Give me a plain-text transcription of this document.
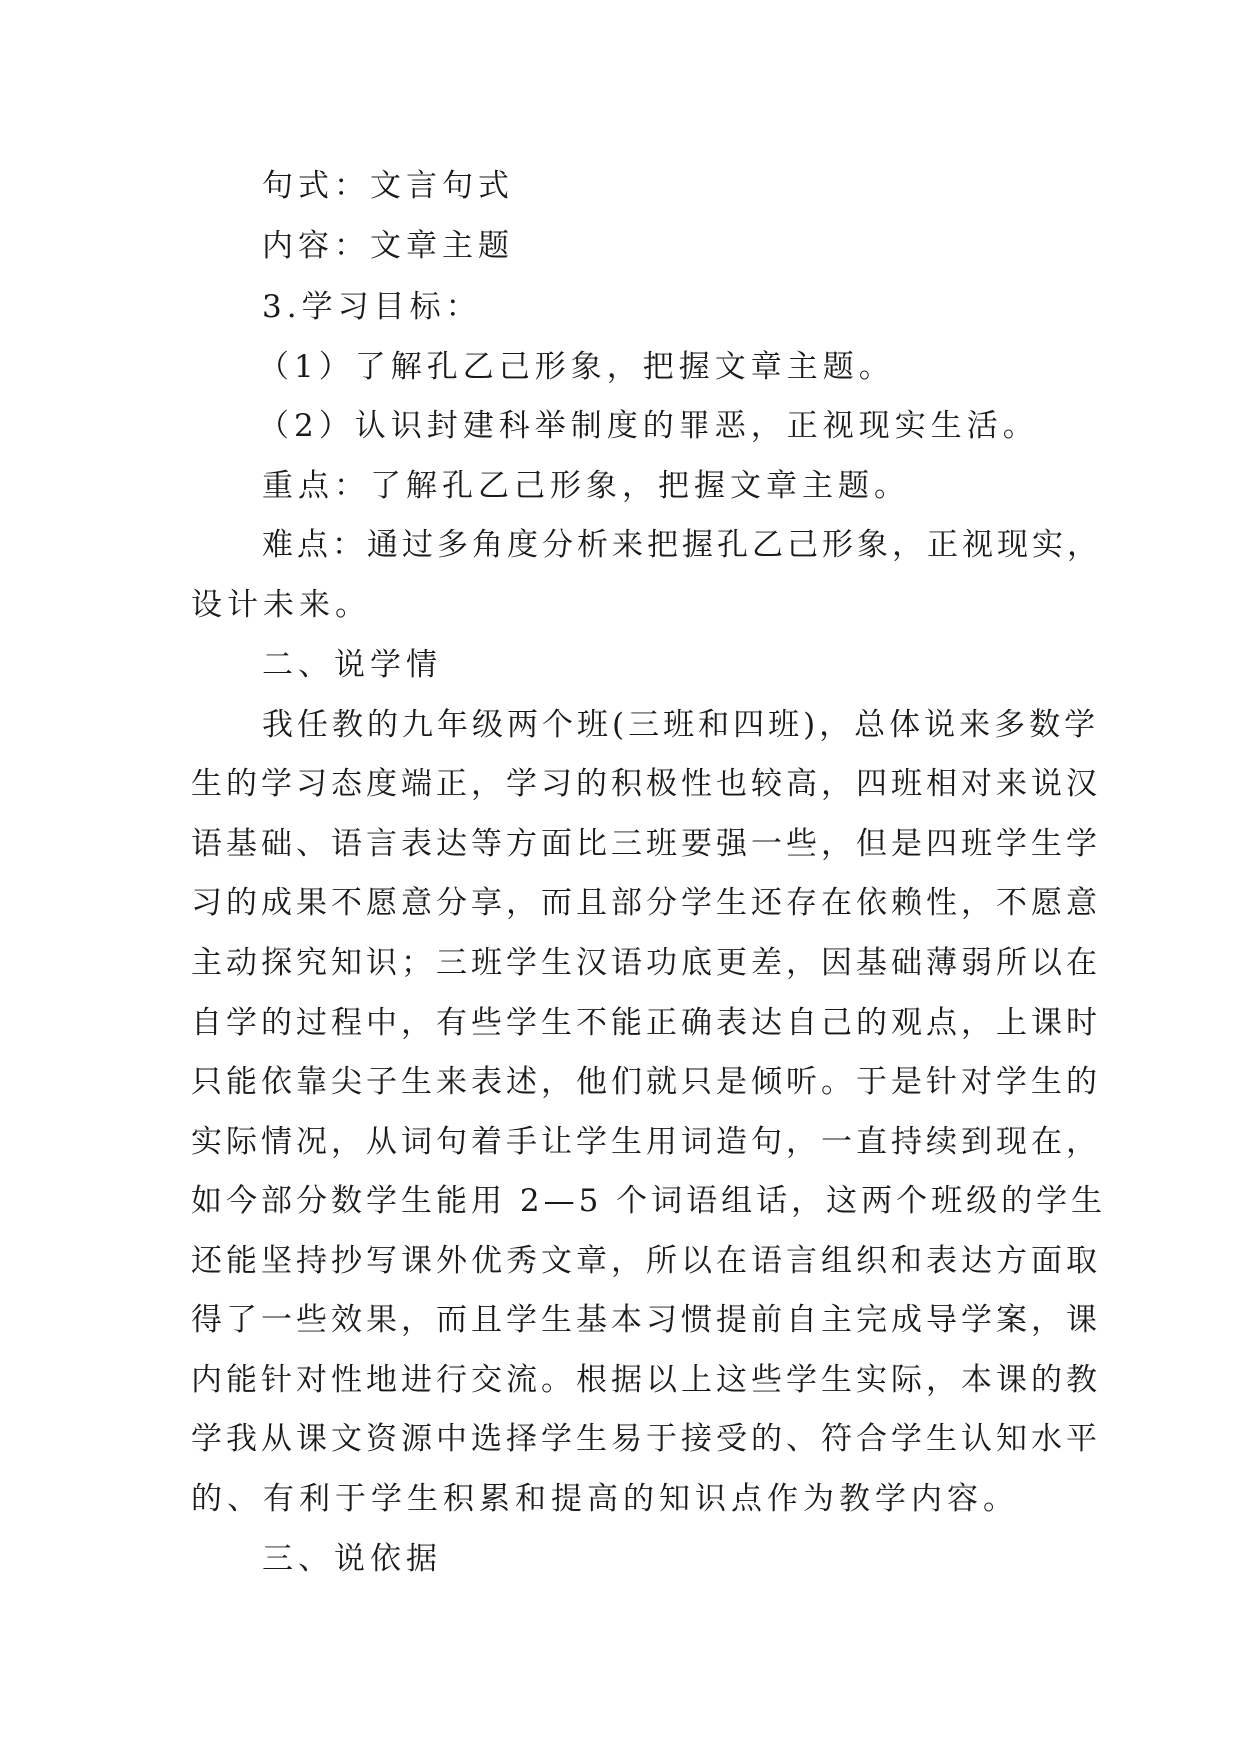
句式：文言句式
内容：文章主题
3.学习目标：
（1）了解孔乙己形象，把握文章主题。
（2）认识封建科举制度的罪恶，正视现实生活。
重点：了解孔乙己形象，把握文章主题。
难点：通过多角度分析来把握孔乙己形象，正视现实，
设计未来。
二、说学情
我任教的九年级两个班(三班和四班)，总体说来多数学
生的学习态度端正，学习的积极性也较高，四班相对来说汉
语基础、语言表达等方面比三班要强一些，但是四班学生学
习的成果不愿意分享，而且部分学生还存在依赖性，不愿意
主动探究知识；三班学生汉语功底更差，因基础薄弱所以在
自学的过程中，有些学生不能正确表达自己的观点，上课时
只能依靠尖子生来表述，他们就只是倾听。于是针对学生的
实际情况，从词句着手让学生用词造句，一直持续到现在，
如今部分数学生能用 2—5 个词语组话，这两个班级的学生
还能坚持抄写课外优秀文章，所以在语言组织和表达方面取
得了一些效果，而且学生基本习惯提前自主完成导学案，课
内能针对性地进行交流。根据以上这些学生实际，本课的教
学我从课文资源中选择学生易于接受的、符合学生认知水平
的、有利于学生积累和提高的知识点作为教学内容。
三、说依据
